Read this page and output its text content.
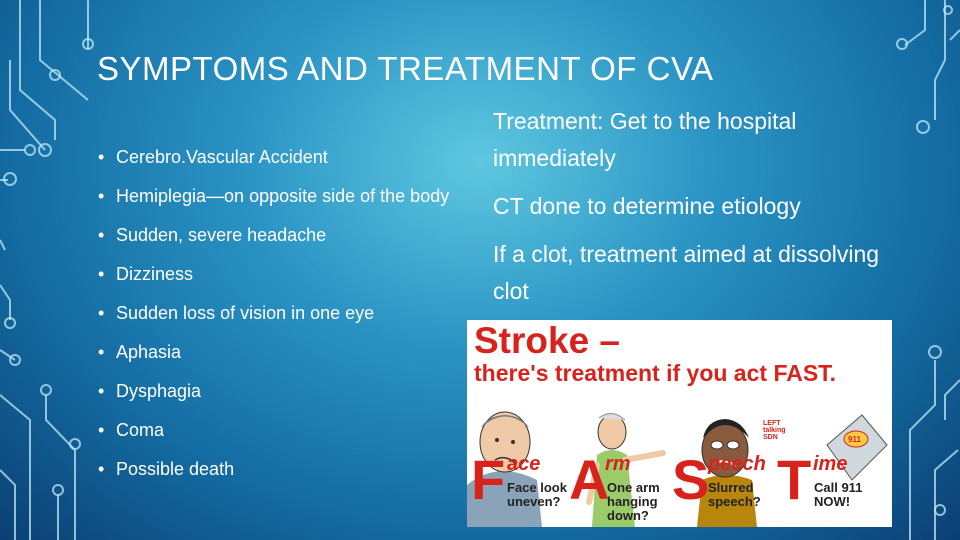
SYMPTOMS AND TREATMENT OF CVA
• Cerebro.Vascular Accident
• Hemiplegia—on opposite side of the body
• Sudden, severe headache
• Dizziness
• Sudden loss of vision in one eye
• Aphasia
• Dysphagia
• Coma
• Possible death

Treatment: Get to the hospital immediately

CT done to determine etiology

If a clot, treatment aimed at dissolving clot

Stroke –
there's treatment if you act FAST.
LEFT
talking
SDN	911
F ace
Face look
uneven? A
rm
One arm
hanging
down?
S
peech
Slurred
speech? T ime
Call 911
NOW!
